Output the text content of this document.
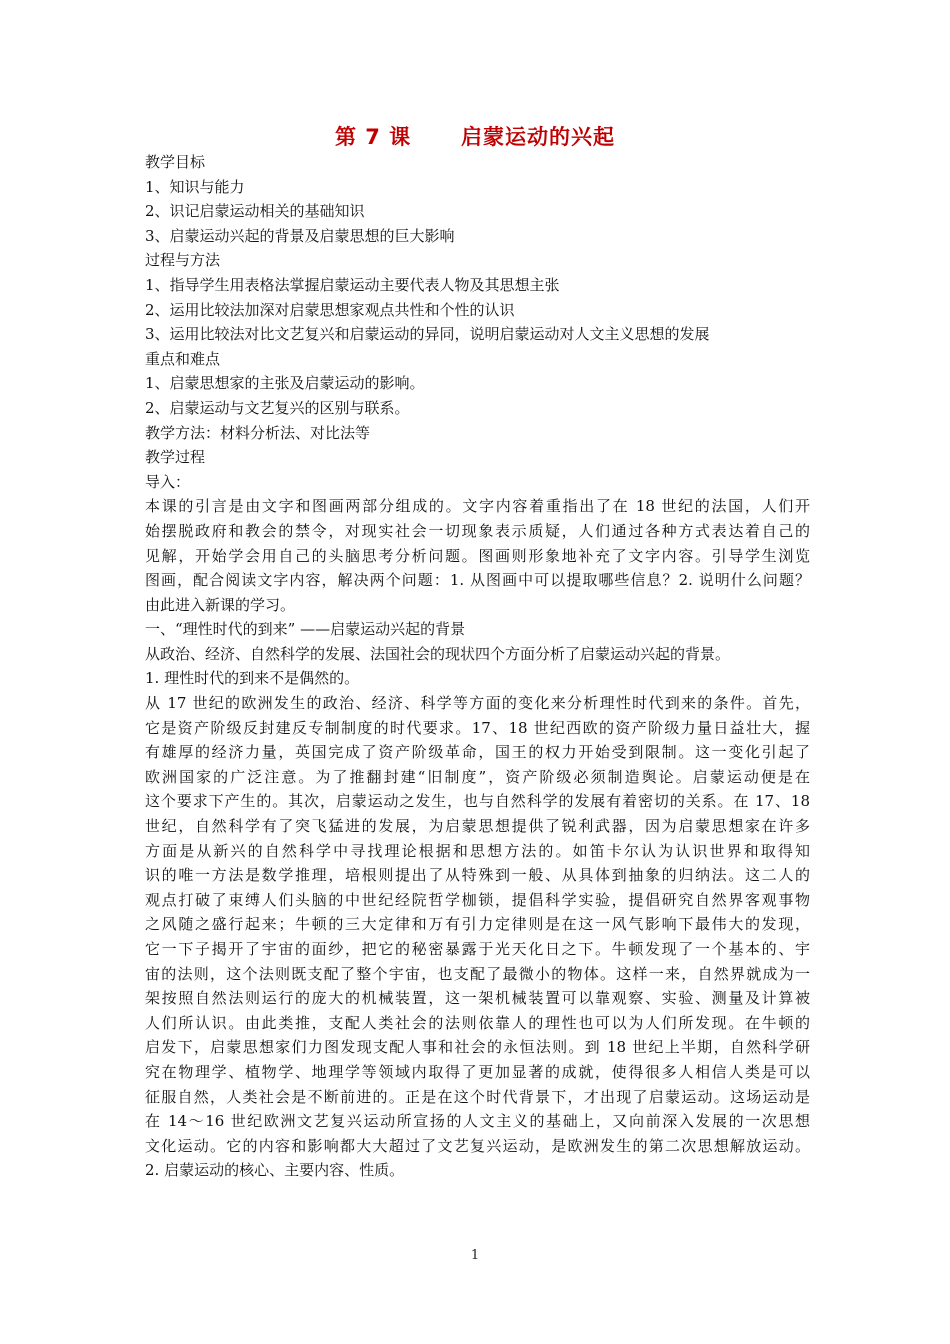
第 7 课      启蒙运动的兴起
教学目标
1、知识与能力
2、识记启蒙运动相关的基础知识
3、启蒙运动兴起的背景及启蒙思想的巨大影响
过程与方法
1、指导学生用表格法掌握启蒙运动主要代表人物及其思想主张
2、运用比较法加深对启蒙思想家观点共性和个性的认识
3、运用比较法对比文艺复兴和启蒙运动的异同，说明启蒙运动对人文主义思想的发展
重点和难点
1、启蒙思想家的主张及启蒙运动的影响。
2、启蒙运动与文艺复兴的区别与联系。
教学方法：材料分析法、对比法等
教学过程
导入：
本课的引言是由文字和图画两部分组成的。文字内容着重指出了在 18 世纪的法国，人们开
始摆脱政府和教会的禁令，对现实社会一切现象表示质疑，人们通过各种方式表达着自己的
见解，开始学会用自己的头脑思考分析问题。图画则形象地补充了文字内容。引导学生浏览
图画，配合阅读文字内容，解决两个问题：1. 从图画中可以提取哪些信息？2. 说明什么问题？
由此进入新课的学习。
一、“理性时代的到来” ——启蒙运动兴起的背景
从政治、经济、自然科学的发展、法国社会的现状四个方面分析了启蒙运动兴起的背景。
1. 理性时代的到来不是偶然的。
从 17 世纪的欧洲发生的政治、经济、科学等方面的变化来分析理性时代到来的条件。首先，
它是资产阶级反封建反专制制度的时代要求。17、18 世纪西欧的资产阶级力量日益壮大，握
有雄厚的经济力量，英国完成了资产阶级革命，国王的权力开始受到限制。这一变化引起了
欧洲国家的广泛注意。为了推翻封建“旧制度”，资产阶级必须制造舆论。启蒙运动便是在
这个要求下产生的。其次，启蒙运动之发生，也与自然科学的发展有着密切的关系。在 17、18
世纪，自然科学有了突飞猛进的发展，为启蒙思想提供了锐利武器，因为启蒙思想家在许多
方面是从新兴的自然科学中寻找理论根据和思想方法的。如笛卡尔认为认识世界和取得知
识的唯一方法是数学推理，培根则提出了从特殊到一般、从具体到抽象的归纳法。这二人的
观点打破了束缚人们头脑的中世纪经院哲学枷锁，提倡科学实验，提倡研究自然界客观事物
之风随之盛行起来；牛顿的三大定律和万有引力定律则是在这一风气影响下最伟大的发现，
它一下子揭开了宇宙的面纱，把它的秘密暴露于光天化日之下。牛顿发现了一个基本的、宇
宙的法则，这个法则既支配了整个宇宙，也支配了最微小的物体。这样一来，自然界就成为一
架按照自然法则运行的庞大的机械装置，这一架机械装置可以靠观察、实验、测量及计算被
人们所认识。由此类推，支配人类社会的法则依靠人的理性也可以为人们所发现。在牛顿的
启发下，启蒙思想家们力图发现支配人事和社会的永恒法则。到 18 世纪上半期，自然科学研
究在物理学、植物学、地理学等领域内取得了更加显著的成就，使得很多人相信人类是可以
征服自然，人类社会是不断前进的。正是在这个时代背景下，才出现了启蒙运动。这场运动是
在 14～16 世纪欧洲文艺复兴运动所宣扬的人文主义的基础上，又向前深入发展的一次思想
文化运动。它的内容和影响都大大超过了文艺复兴运动，是欧洲发生的第二次思想解放运动。
2. 启蒙运动的核心、主要内容、性质。
1
